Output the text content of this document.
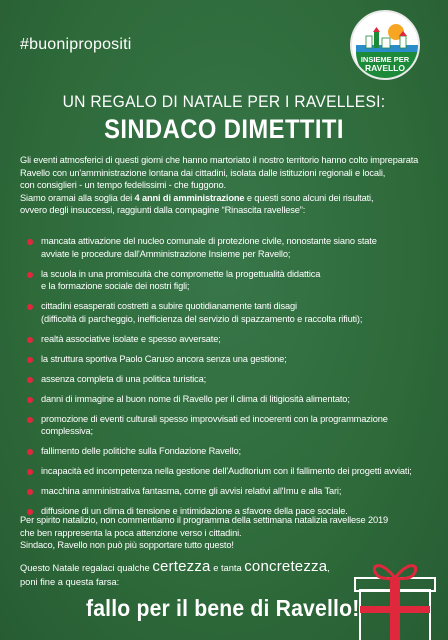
#buonipropositi
INSIEME PER
RAVELLO
UN REGALO DI NATALE PER I RAVELLESI:
SINDACO DIMETTITI
Gli eventi atmosferici di questi giorni che hanno martoriato il nostro territorio hanno colto impreparata
Ravello con un'amministrazione lontana dai cittadini, isolata dalle istituzioni regionali e locali,
con consiglieri - un tempo fedelissimi - che fuggono.
Siamo oramai alla soglia dei 4 anni di amministrazione e questi sono alcuni dei risultati,
ovvero degli insuccessi, raggiunti dalla compagine “Rinascita ravellese”:
mancata attivazione del nucleo comunale di protezione civile, nonostante siano state
avviate le procedure dall'Amministrazione Insieme per Ravello;
la scuola in una promiscuità che compromette la progettualità didattica
e la formazione sociale dei nostri figli;
cittadini esasperati costretti a subire quotidianamente tanti disagi
(difficoltà di parcheggio, inefficienza del servizio di spazzamento e raccolta rifiuti);
realtà associative isolate e spesso avversate;
la struttura sportiva Paolo Caruso ancora senza una gestione;
assenza completa di una politica turistica;
danni di immagine al buon nome di Ravello per il clima di litigiosità alimentato;
promozione di eventi culturali spesso improvvisati ed incoerenti con la programmazione complessiva;
fallimento delle politiche sulla Fondazione Ravello;
incapacità ed incompetenza nella gestione dell'Auditorium con il fallimento dei progetti avviati;
macchina amministrativa fantasma, come gli avvisi relativi all'Imu e alla Tari;
diffusione di un clima di tensione e intimidazione a sfavore della pace sociale.
Per spirito natalizio, non commentiamo il programma della settimana natalizia ravellese 2019
che ben rappresenta la poca attenzione verso i cittadini.
Sindaco, Ravello non può più sopportare tutto questo!
Questo Natale regalaci qualche certezza e tanta concretezza,
poni fine a questa farsa:
fallo per il bene di Ravello!
